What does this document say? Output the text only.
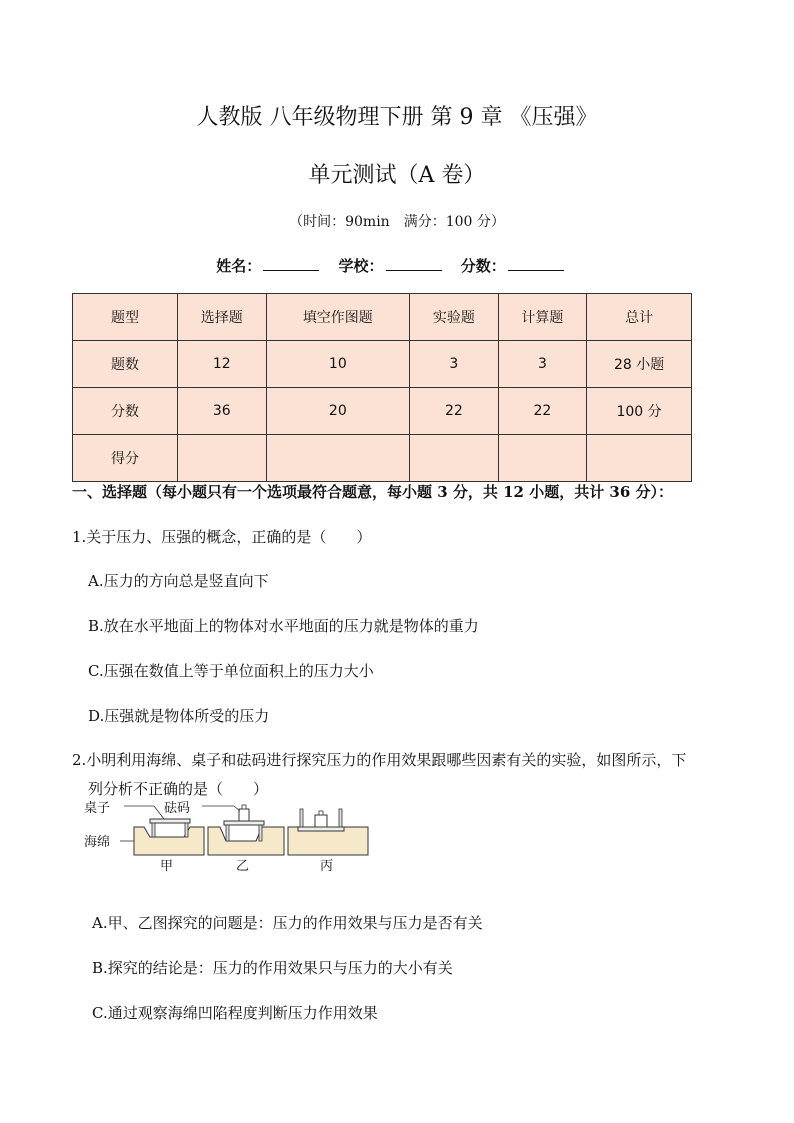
人教版 八年级物理下册 第 9 章 《压强》
单元测试（A 卷）
（时间：90min　满分：100 分）
姓名：	学校：	分数：
题型	选择题	填空作图题	实验题	计算题	总计
题数	12	10	3	3	28 小题
分数	36	20	22	22	100 分
得分					
一、选择题（每小题只有一个选项最符合题意，每小题 3 分，共 12 小题，共计 36 分）：
1.关于压力、压强的概念，正确的是（　　）
A.压力的方向总是竖直向下
B.放在水平地面上的物体对水平地面的压力就是物体的重力
C.压强在数值上等于单位面积上的压力大小
D.压强就是物体所受的压力
2.小明利用海绵、桌子和砝码进行探究压力的作用效果跟哪些因素有关的实验，如图所示，下
列分析不正确的是（　　）
桌子	砝码
海绵
甲	乙	丙
A.甲、乙图探究的问题是：压力的作用效果与压力是否有关
B.探究的结论是：压力的作用效果只与压力的大小有关
C.通过观察海绵凹陷程度判断压力作用效果
